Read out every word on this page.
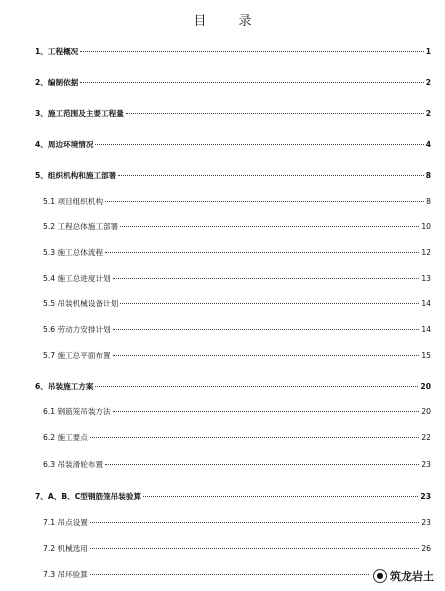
目 录
1、工程概况	1
2、编制依据	2
3、施工范围及主要工程量	2
4、周边环境情况	4
5、组织机构和施工部署	8
5.1 项目组织机构	8
5.2 工程总体施工部署	10
5.3 施工总体流程	12
5.4 施工总进度计划	13
5.5 吊装机械设备计划	14
5.6 劳动力安排计划	14
5.7 施工总平面布置	15
6、吊装施工方案	20
6.1 钢筋笼吊装方法	20
6.2 施工要点	22
6.3 吊装滑轮布置	23
7、A、B、C型钢筋笼吊装验算	23
7.1 吊点设置	23
7.2 机械选用	26
7.3 吊环验算	● 筑龙岩土
